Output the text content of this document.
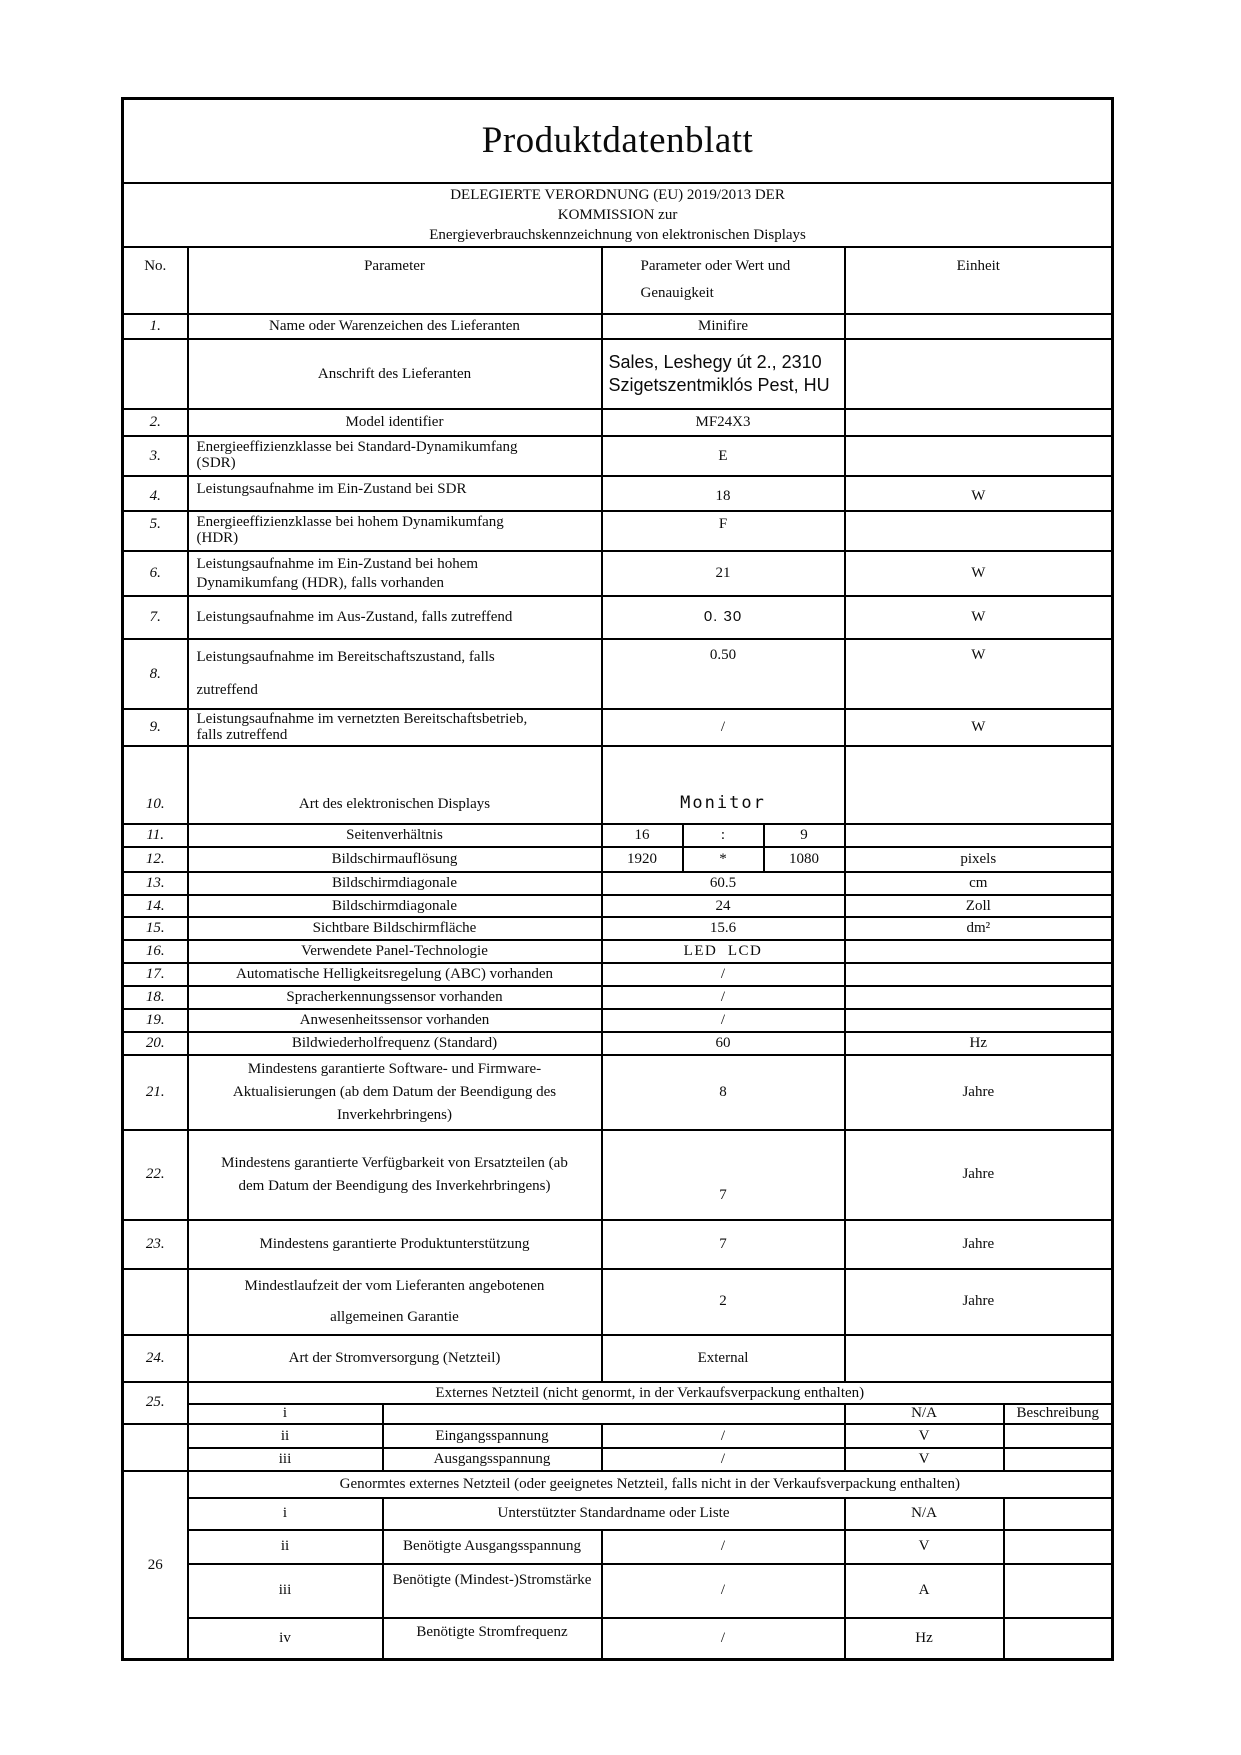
Produktdatenblatt							

DELEGIERTE VERORDNUNG (EU) 2019/2013 DER
KOMMISSION zur
Energieverbrauchskennzeichnung von elektronischen Displays							

No.	Parameter		Parameter oder Wert und
Genauigkeit			Einheit	
1.	Name oder Warenzeichen des Lieferanten		Minifire				
	Anschrift des Lieferanten		Sales, Leshegy út 2., 2310
Szigetszentmiklós Pest, HU				

2.	Model identifier		MF24X3				
3.	Energieeffizienzklasse bei Standard-Dynamikumfang
(SDR)		E				
4.	Leistungsaufnahme im Ein-Zustand bei SDR		18			W	
5.	Energieeffizienzklasse bei hohem Dynamikumfang
(HDR)		F				
6.	Leistungsaufnahme im Ein-Zustand bei hohem
Dynamikumfang (HDR), falls vorhanden		21			W	
7.	Leistungsaufnahme im Aus-Zustand, falls zutreffend		0. 30			W	
8.	Leistungsaufnahme im Bereitschaftszustand, falls
zutreffend		0.50			W	
9.	Leistungsaufnahme im vernetzten Bereitschaftsbetrieb,
falls zutreffend		/			W	
10.	Art des elektronischen Displays		Monitor				
11.	Seitenverhältnis		16	:	9		
12.	Bildschirmauflösung		1920	*	1080	pixels	
13.	Bildschirmdiagonale		60.5			cm	
14.	Bildschirmdiagonale		24			Zoll	
15.	Sichtbare Bildschirmfläche		15.6			dm²	
16.	Verwendete Panel-Technologie		LED  LCD				
17.	Automatische Helligkeitsregelung (ABC) vorhanden		/				
18.	Spracherkennungssensor vorhanden		/				
19.	Anwesenheitssensor vorhanden		/				
20.	Bildwiederholfrequenz (Standard)		60			Hz	
21.	Mindestens garantierte Software- und Firmware-
Aktualisierungen (ab dem Datum der Beendigung des
Inverkehrbringens)		8			Jahre	
22.	Mindestens garantierte Verfügbarkeit von Ersatzteilen (ab
dem Datum der Beendigung des Inverkehrbringens)		7			Jahre	
23.	Mindestens garantierte Produktunterstützung		7			Jahre	

	Mindestlaufzeit der vom Lieferanten angebotenen
allgemeinen Garantie		2			Jahre	
24.	Art der Stromversorgung (Netzteil)		External				
25.	Externes Netzteil (nicht genormt, in der Verkaufsverpackung enthalten)						
	i					N/A	Beschreibung
	ii	Eingangsspannung	/			V	
	iii	Ausgangsspannung	/			V	
26	Genormtes externes Netzteil (oder geeignetes Netzteil, falls nicht in der Verkaufsverpackung enthalten)						
	i	Unterstützter Standardname oder Liste				N/A	
	ii	Benötigte Ausgangsspannung	/			V	
	iii	Benötigte (Mindest-)Stromstärke	/			A	
	iv	Benötigte Stromfrequenz	/			Hz	
